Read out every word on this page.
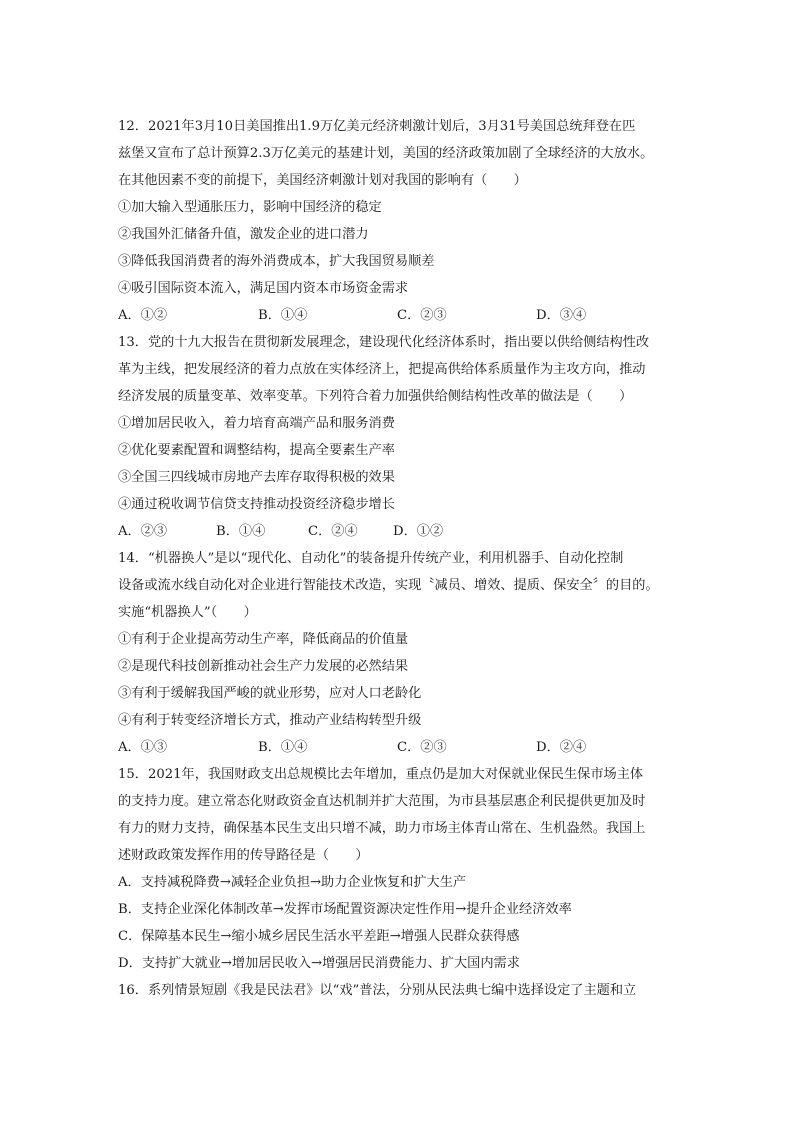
12．2021年3月10日美国推出1.9万亿美元经济刺激计划后，3月31号美国总统拜登在匹
兹堡又宣布了总计预算2.3万亿美元的基建计划，美国的经济政策加剧了全球经济的大放水。
在其他因素不变的前提下，美国经济刺激计划对我国的影响有（　　）
①加大输入型通胀压力，影响中国经济的稳定
②我国外汇储备升值，激发企业的进口潜力
③降低我国消费者的海外消费成本，扩大我国贸易顺差
④吸引国际资本流入，满足国内资本市场资金需求
A．①②	B．①④	C．②③	D．③④
13．党的十九大报告在贯彻新发展理念，建设现代化经济体系时，指出要以供给侧结构性改
革为主线，把发展经济的着力点放在实体经济上，把提高供给体系质量作为主攻方向，推动
经济发展的质量变革、效率变革。下列符合着力加强供给侧结构性改革的做法是（　　）
①增加居民收入，着力培育高端产品和服务消费
②优化要素配置和调整结构，提高全要素生产率
③全国三四线城市房地产去库存取得积极的效果
④通过税收调节信贷支持推动投资经济稳步增长
A．②③	B．①④	C．②④	D．①②
14．“机器换人”是以“现代化、自动化”的装备提升传统产业，利用机器手、自动化控制
设备或流水线自动化对企业进行智能技术改造，实现〝减员、增效、提质、保安全〞的目的。
实施“机器换人”（　　）
①有利于企业提高劳动生产率，降低商品的价值量
②是现代科技创新推动社会生产力发展的必然结果
③有利于缓解我国严峻的就业形势，应对人口老龄化
④有利于转变经济增长方式，推动产业结构转型升级
A．①③	B．①④	C．②③	D．②④
15．2021年，我国财政支出总规模比去年增加，重点仍是加大对保就业保民生保市场主体
的支持力度。建立常态化财政资金直达机制并扩大范围，为市县基层惠企利民提供更加及时
有力的财力支持，确保基本民生支出只增不减，助力市场主体青山常在、生机盎然。我国上
述财政政策发挥作用的传导路径是（　　）
A．支持减税降费→减轻企业负担→助力企业恢复和扩大生产
B．支持企业深化体制改革→发挥市场配置资源决定性作用→提升企业经济效率
C．保障基本民生→缩小城乡居民生活水平差距→增强人民群众获得感
D．支持扩大就业→增加居民收入→增强居民消费能力、扩大国内需求
16．系列情景短剧《我是民法君》以“戏”普法，分别从民法典七编中选择设定了主题和立
